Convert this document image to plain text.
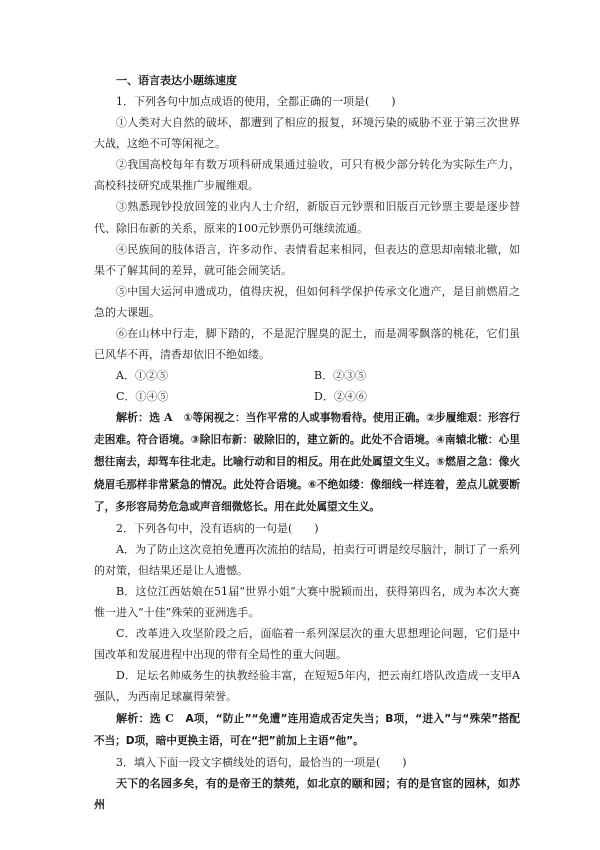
一、语言表达小题练速度
1．下列各句中加点成语的使用，全都正确的一项是(　　)
①人类对大自然的破坏，都遭到了相应的报复，环境污染的威胁不亚于第三次世界大战，这绝不可等闲视之。
②我国高校每年有数万项科研成果通过验收，可只有极少部分转化为实际生产力，高校科技研究成果推广步履维艰。
③熟悉现钞投放回笼的业内人士介绍，新版百元钞票和旧版百元钞票主要是逐步替代、除旧布新的关系，原来的100元钞票仍可继续流通。
④民族间的肢体语言，许多动作、表情看起来相同，但表达的意思却南辕北辙，如果不了解其间的差异，就可能会闹笑话。
⑤中国大运河申遗成功，值得庆祝，但如何科学保护传承文化遗产，是目前燃眉之急的大课题。
⑥在山林中行走，脚下踏的，不是泥泞腥臭的泥土，而是凋零飘落的桃花，它们虽已风华不再，清香却依旧不绝如缕。
A．①②⑤	B．②③⑤
C．①④⑤	D．②④⑥
解析：选 A　①等闲视之：当作平常的人或事物看待。使用正确。②步履维艰：形容行走困难。符合语境。③除旧布新：破除旧的，建立新的。此处不合语境。④南辕北辙：心里想往南去，却驾车往北走。比喻行动和目的相反。用在此处属望文生义。⑤燃眉之急：像火烧眉毛那样非常紧急的情况。此处符合语境。⑥不绝如缕：像细线一样连着，差点儿就要断了，多形容局势危急或声音细微悠长。用在此处属望文生义。
2．下列各句中，没有语病的一句是(　　)
A．为了防止这次竞拍免遭再次流拍的结局，拍卖行可谓是绞尽脑汁，制订了一系列的对策，但结果还是让人遗憾。
B．这位江西姑娘在51届“世界小姐”大赛中脱颖而出，获得第四名，成为本次大赛惟一进入“十佳”殊荣的亚洲选手。
C．改革进入攻坚阶段之后，面临着一系列深层次的重大思想理论问题，它们是中国改革和发展进程中出现的带有全局性的重大问题。
D．足坛名帅威务生的执教经验丰富，在短短5年内，把云南红塔队改造成一支甲A强队，为西南足球赢得荣誉。
解析：选 C　A项，“防止”“免遭”连用造成否定失当；B项，“进入”与“殊荣”搭配不当；D项，暗中更换主语，可在“把”前加上主语“他”。
3．填入下面一段文字横线处的语句，最恰当的一项是(　　)
天下的名园多矣，有的是帝王的禁苑，如北京的颐和园；有的是官宦的园林，如苏州
